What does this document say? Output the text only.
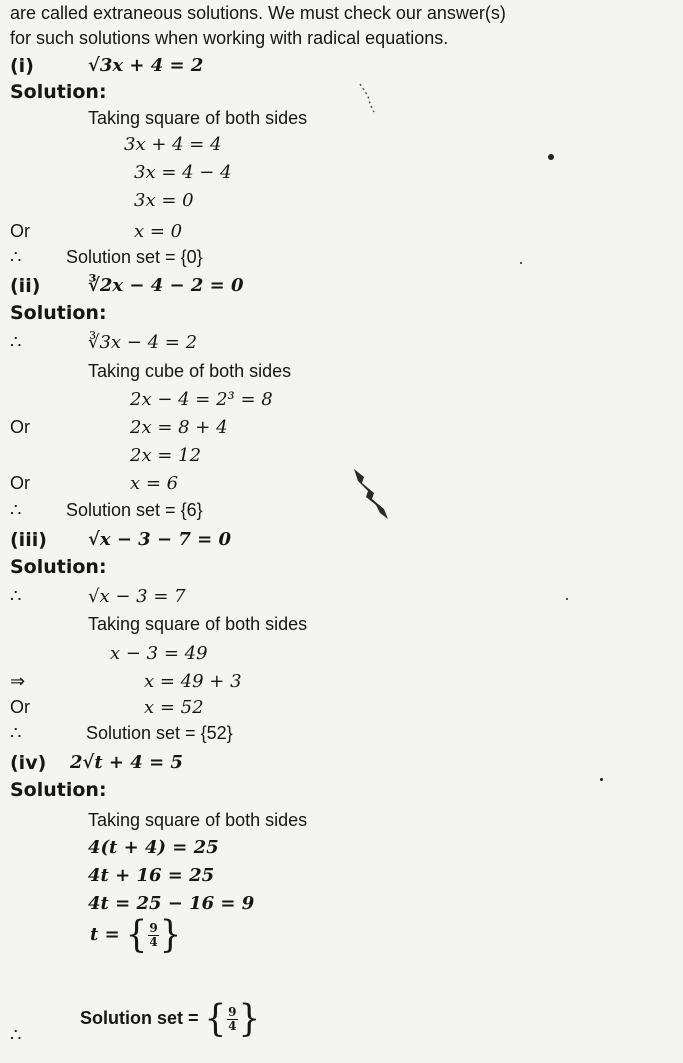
are called extraneous solutions. We must check our answer(s)
for such solutions when working with radical equations.
(i)	√3x + 4 = 2
Solution:
Taking square of both sides
3x + 4 = 4
3x = 4 − 4
3x = 0
Or	x = 0
∴ Solution set = {0}
(ii)	∛2x − 4 − 2 = 0
Solution:
∴	∛3x − 4 = 2
Taking cube of both sides
2x − 4 = 2³ = 8
Or	2x = 8 + 4
2x = 12
Or	x = 6
∴ Solution set = {6}
(iii) √x − 3 − 7 = 0
Solution:
∴	√x − 3 = 7
Taking square of both sides
x − 3 = 49
⇒	x = 49 + 3
Or	x = 52
∴	Solution set = {52}
(iv) 2√t + 4 = 5
Solution:
Taking square of both sides
4(t + 4) = 25
4t + 16 = 25
4t = 25 − 16 = 9
t = { $\frac{9}{4}$ }
∴
Solution set = { $\frac{9}{4}$ }
